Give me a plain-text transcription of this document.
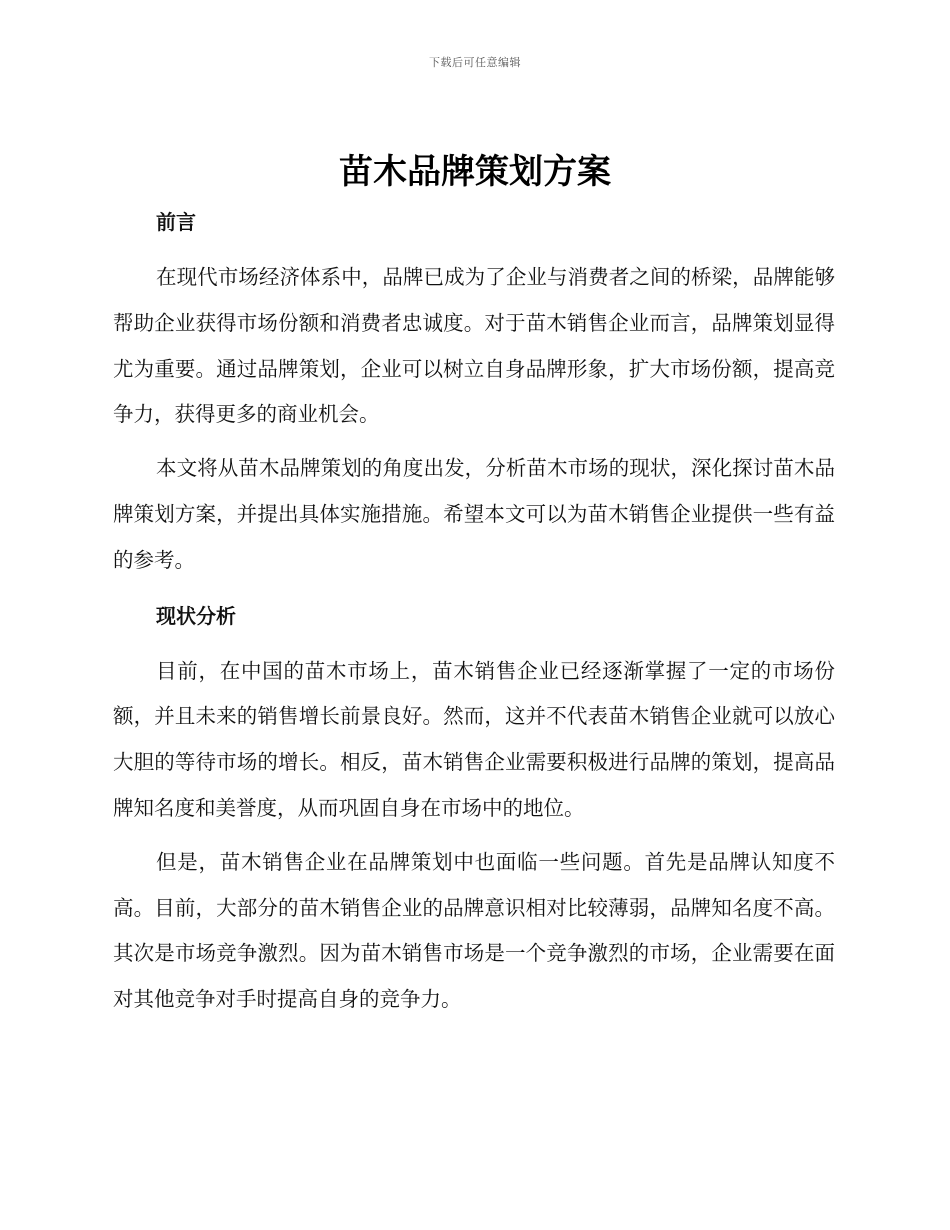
下载后可任意编辑
苗木品牌策划方案
前言

在现代市场经济体系中，品牌已成为了企业与消费者之间的桥梁，品牌能够帮助企业获得市场份额和消费者忠诚度。对于苗木销售企业而言，品牌策划显得尤为重要。通过品牌策划，企业可以树立自身品牌形象，扩大市场份额，提高竞争力，获得更多的商业机会。

本文将从苗木品牌策划的角度出发，分析苗木市场的现状，深化探讨苗木品牌策划方案，并提出具体实施措施。希望本文可以为苗木销售企业提供一些有益的参考。

现状分析

目前，在中国的苗木市场上，苗木销售企业已经逐渐掌握了一定的市场份额，并且未来的销售增长前景良好。然而，这并不代表苗木销售企业就可以放心大胆的等待市场的增长。相反，苗木销售企业需要积极进行品牌的策划，提高品牌知名度和美誉度，从而巩固自身在市场中的地位。

但是，苗木销售企业在品牌策划中也面临一些问题。首先是品牌认知度不高。目前，大部分的苗木销售企业的品牌意识相对比较薄弱，品牌知名度不高。其次是市场竞争激烈。因为苗木销售市场是一个竞争激烈的市场，企业需要在面对其他竞争对手时提高自身的竞争力。
